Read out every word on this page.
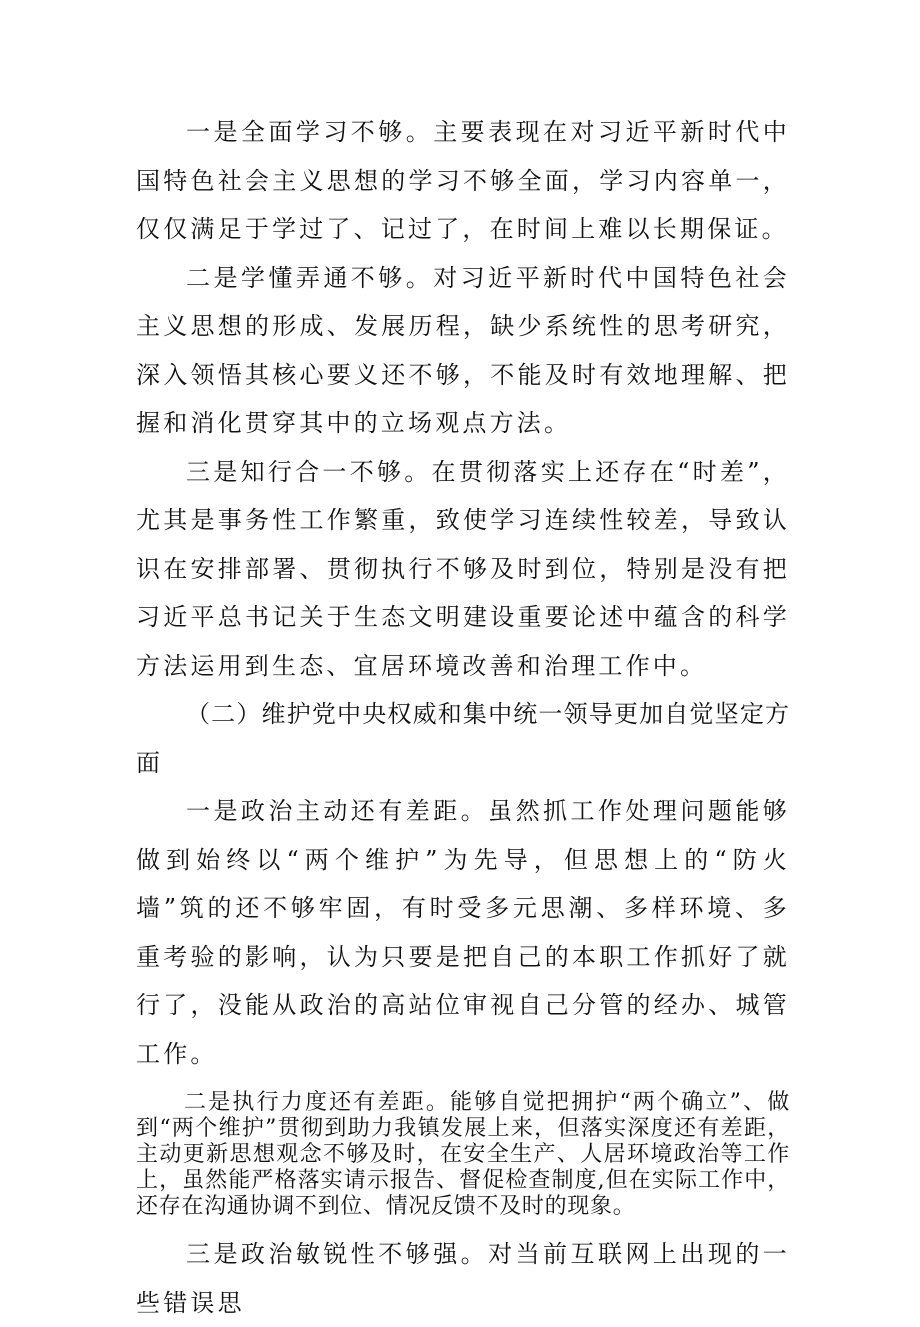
一是全面学习不够。主要表现在对习近平新时代中国特色社会主义思想的学习不够全面，学习内容单一，仅仅满足于学过了、记过了，在时间上难以长期保证。

二是学懂弄通不够。对习近平新时代中国特色社会主义思想的形成、发展历程，缺少系统性的思考研究，深入领悟其核心要义还不够，不能及时有效地理解、把握和消化贯穿其中的立场观点方法。

三是知行合一不够。在贯彻落实上还存在“时差”，尤其是事务性工作繁重，致使学习连续性较差，导致认识在安排部署、贯彻执行不够及时到位，特别是没有把习近平总书记关于生态文明建设重要论述中蕴含的科学方法运用到生态、宜居环境改善和治理工作中。

（二）维护党中央权威和集中统一领导更加自觉坚定方面

一是政治主动还有差距。虽然抓工作处理问题能够做到始终以“两个维护”为先导，但思想上的“防火墙”筑的还不够牢固，有时受多元思潮、多样环境、多重考验的影响，认为只要是把自己的本职工作抓好了就行了，没能从政治的高站位审视自己分管的经办、城管工作。

二是执行力度还有差距。能够自觉把拥护“两个确立”、做到“两个维护”贯彻到助力我镇发展上来，但落实深度还有差距，主动更新思想观念不够及时，在安全生产、人居环境政治等工作上，虽然能严格落实请示报告、督促检查制度,但在实际工作中，还存在沟通协调不到位、情况反馈不及时的现象。

三是政治敏锐性不够强。对当前互联网上出现的一些错误思
